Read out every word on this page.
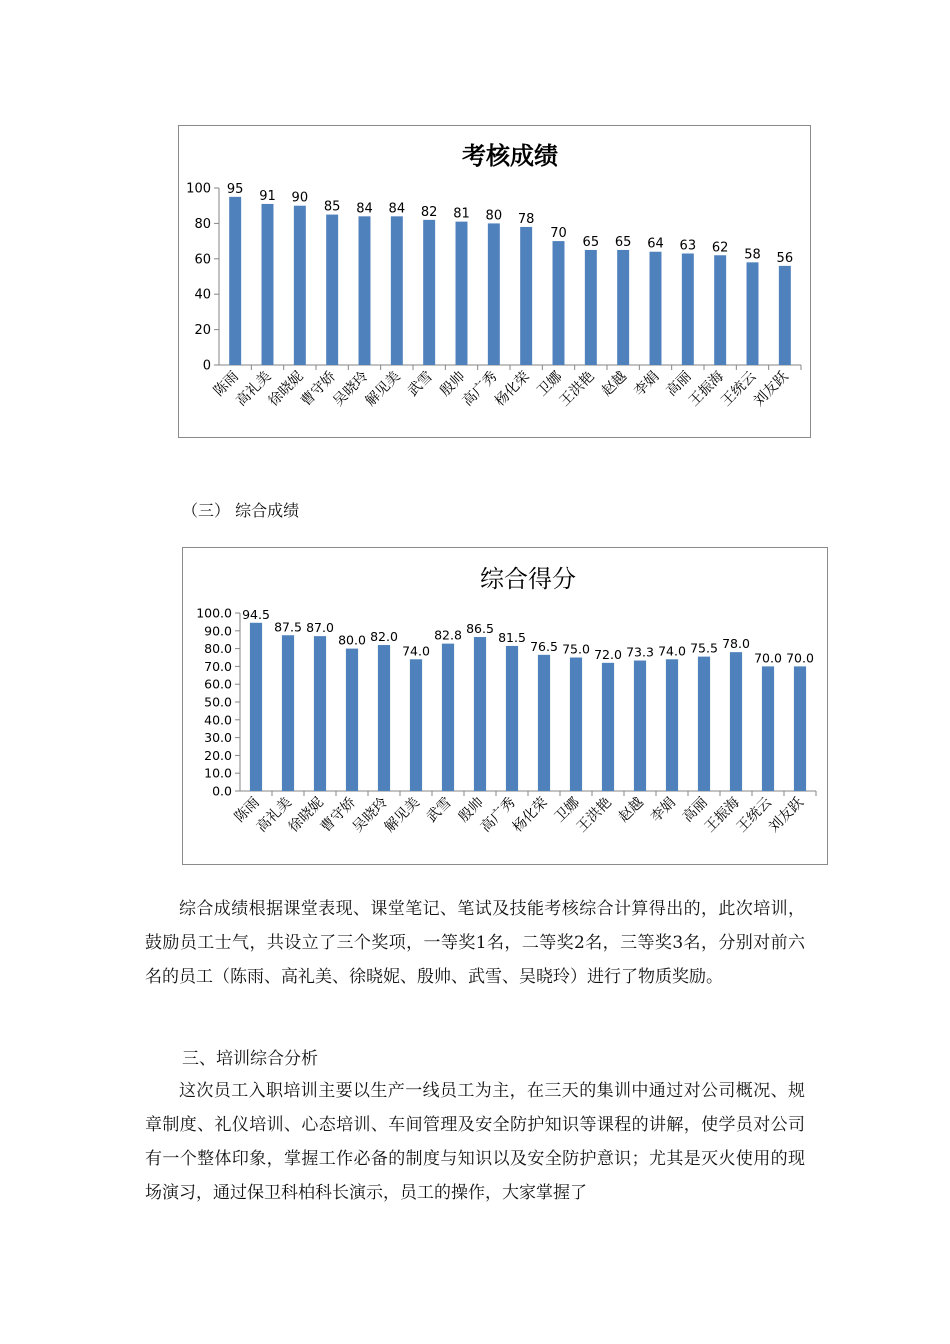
考核成绩
0
20
40
60
80
100 95
陈雨
91
高礼美
90
徐晓妮
85
曹守娇
84
吴晓玲
84
解见美
82
武雪
81
殷帅
80
高广秀
78
杨化荣
70
卫娜
65
王洪艳
65
赵越
64
李娟
63
高丽
62
王振海
58
王统云
56
刘友跃
（三） 综合成绩
综合得分
0.0
10.0
20.0
30.0
40.0
50.0
60.0
70.0
80.0
90.0
100.0 94.5
陈雨
87.5
高礼美
87.0
徐晓妮
80.0
曹守娇
82.0
吴晓玲
74.0
解见美
82.8
武雪
86.5
殷帅
81.5
高广秀
76.5
杨化荣
75.0
卫娜
72.0
王洪艳
73.3
赵越
74.0
李娟
75.5
高丽
78.0
王振海
70.0
王统云
70.0
刘友跃

综合成绩根据课堂表现、课堂笔记、笔试及技能考核综合计算得出的，此次培训，鼓励员工士气，共设立了三个奖项，一等奖1名，二等奖2名，三等奖3名，分别对前六名的员工（陈雨、高礼美、徐晓妮、殷帅、武雪、吴晓玲）进行了物质奖励。

三、培训综合分析

这次员工入职培训主要以生产一线员工为主，在三天的集训中通过对公司概况、规章制度、礼仪培训、心态培训、车间管理及安全防护知识等课程的讲解，使学员对公司有一个整体印象，掌握工作必备的制度与知识以及安全防护意识；尤其是灭火使用的现场演习，通过保卫科柏科长演示，员工的操作，大家掌握了
